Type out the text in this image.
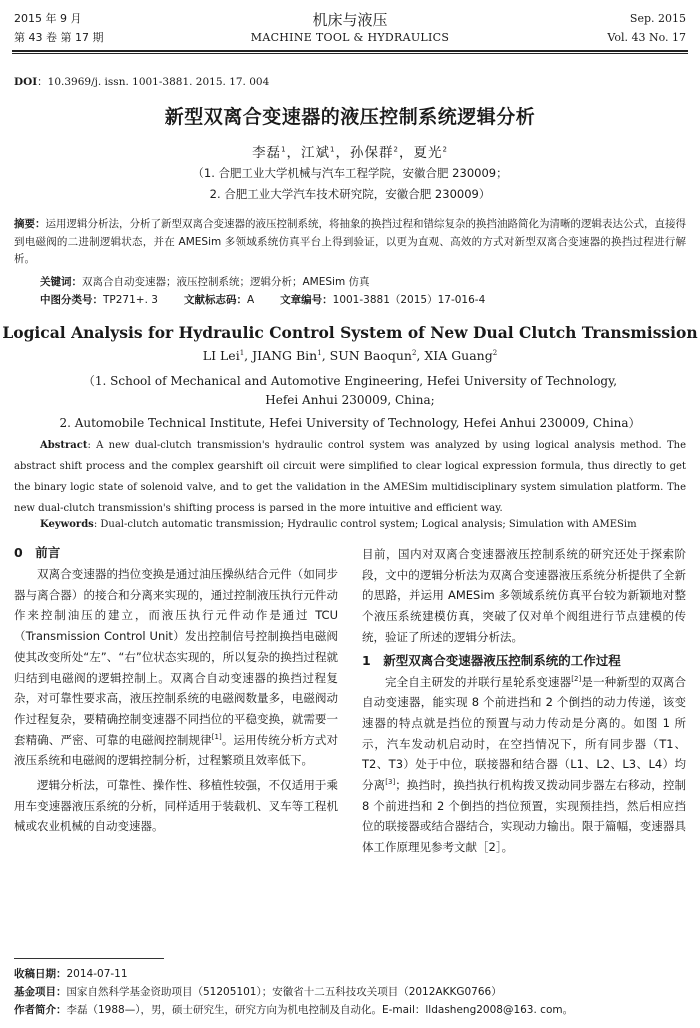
2015 年 9 月
第 43 卷 第 17 期
机床与液压
MACHINE TOOL & HYDRAULICS
Sep. 2015
Vol. 43 No. 17
DOI：10.3969/j. issn. 1001-3881. 2015. 17. 004
新型双离合变速器的液压控制系统逻辑分析
李磊$^1$，江斌$^1$，孙保群$^2$，夏光$^2$
（1. 合肥工业大学机械与汽车工程学院，安徽合肥 230009；
2. 合肥工业大学汽车技术研究院，安徽合肥 230009）
摘要：运用逻辑分析法，分析了新型双离合变速器的液压控制系统，将抽象的换挡过程和错综复杂的换挡油路简化为清晰的逻辑表达公式，直接得到电磁阀的二进制逻辑状态，并在 AMESim 多领域系统仿真平台上得到验证，以更为直观、高效的方式对新型双离合变速器的换挡过程进行解析。
关键词：双离合自动变速器；液压控制系统；逻辑分析；AMESim 仿真
中图分类号：TP271+. 3 文献标志码：A 文章编号：1001-3881（2015）17-016-4
Logical Analysis for Hydraulic Control System of New Dual Clutch Transmission
LI Lei$^1$, JIANG Bin$^1$, SUN Baoqun$^2$, XIA Guang$^2$
（1. School of Mechanical and Automotive Engineering, Hefei University of Technology,
Hefei Anhui 230009, China;
2. Automobile Technical Institute, Hefei University of Technology, Hefei Anhui 230009, China）
Abstract: A new dual-clutch transmission's hydraulic control system was analyzed by using logical analysis method. The abstract shift process and the complex gearshift oil circuit were simplified to clear logical expression formula, thus directly to get the binary logic state of solenoid valve, and to get the validation in the AMESim multidisciplinary system simulation platform. The new dual-clutch transmission's shifting process is parsed in the more intuitive and efficient way.
Keywords: Dual-clutch automatic transmission; Hydraulic control system; Logical analysis; Simulation with AMESim
0　前言

双离合变速器的挡位变换是通过油压操纵结合元件（如同步器与离合器）的接合和分离来实现的，通过控制液压执行元件动作来控制油压的建立，而液压执行元件动作是通过 TCU（Transmission Control Unit）发出控制信号控制换挡电磁阀使其改变所处“左”、“右”位状态实现的，所以复杂的换挡过程就归结到电磁阀的逻辑控制上。双离合自动变速器的换挡过程复杂，对可靠性要求高，液压控制系统的电磁阀数量多，电磁阀动作过程复杂，要精确控制变速器不同挡位的平稳变换，就需要一套精确、严密、可靠的电磁阀控制规律[1]。运用传统分析方式对液压系统和电磁阀的逻辑控制分析，过程繁琐且效率低下。

逻辑分析法，可靠性、操作性、移植性较强，不仅适用于乘用车变速器液压系统的分析，同样适用于装载机、叉车等工程机械或农业机械的自动变速器。

目前，国内对双离合变速器液压控制系统的研究还处于探索阶段，文中的逻辑分析法为双离合变速器液压系统分析提供了全新的思路，并运用 AMESim 多领域系统仿真平台较为新颖地对整个液压系统建模仿真，突破了仅对单个阀组进行节点建模的传统，验证了所述的逻辑分析法。

1　新型双离合变速器液压控制系统的工作过程

完全自主研发的并联行星轮系变速器[2]是一种新型的双离合自动变速器，能实现 8 个前进挡和 2 个倒挡的动力传递，该变速器的特点就是挡位的预置与动力传动是分离的。如图 1 所示，汽车发动机启动时，在空挡情况下，所有同步器（T1、T2、T3）处于中位，联接器和结合器（L1、L2、L3、L4）均分离[3]；换挡时，换挡执行机构拨叉拨动同步器左右移动，控制 8 个前进挡和 2 个倒挡的挡位预置，实现预挂挡，然后相应挡位的联接器或结合器结合，实现动力输出。限于篇幅，变速器具体工作原理见参考文献［2］。

收稿日期：2014-07-11
基金项目：国家自然科学基金资助项目（51205101）；安徽省十二五科技攻关项目（2012AKKG0766）
作者简介：李磊（1988—），男，硕士研究生，研究方向为机电控制及自动化。E-mail：lldasheng2008@163. com。
